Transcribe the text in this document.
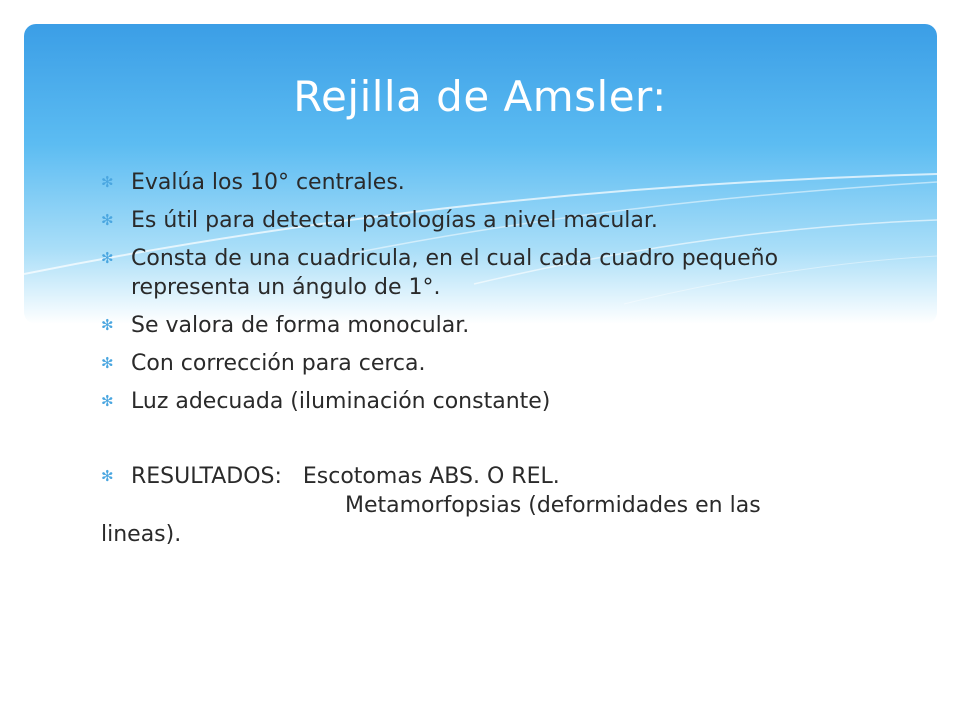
Rejilla de Amsler:
✻ Evalúa los 10° centrales.
✻ Es útil para detectar patologías a nivel macular.
✻ Consta de una cuadricula, en el cual cada cuadro pequeño representa un ángulo de 1°.
✻ Se valora de forma monocular.
✻ Con corrección para cerca.
✻ Luz adecuada (iluminación constante)
✻ RESULTADOS: Escotomas ABS. O REL.
Metamorfopsias (deformidades en las
lineas).
